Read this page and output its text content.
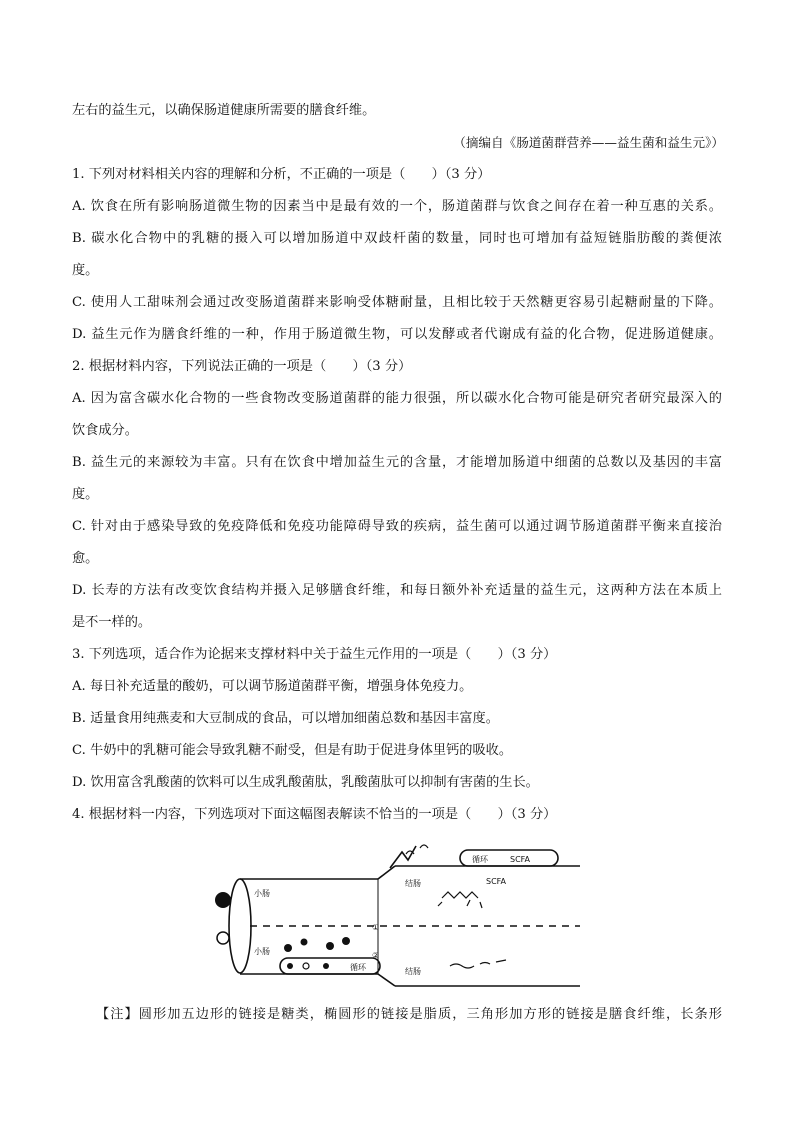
左右的益生元，以确保肠道健康所需要的膳食纤维。
（摘编自《肠道菌群营养——益生菌和益生元》）
1. 下列对材料相关内容的理解和分析，不正确的一项是（　　）（3 分）
A. 饮食在所有影响肠道微生物的因素当中是最有效的一个，肠道菌群与饮食之间存在着一种互惠的关系。
B. 碳水化合物中的乳糖的摄入可以增加肠道中双歧杆菌的数量，同时也可增加有益短链脂肪酸的粪便浓
度。
C. 使用人工甜味剂会通过改变肠道菌群来影响受体糖耐量，且相比较于天然糖更容易引起糖耐量的下降。
D. 益生元作为膳食纤维的一种，作用于肠道微生物，可以发酵或者代谢成有益的化合物，促进肠道健康。
2. 根据材料内容，下列说法正确的一项是（　　）（3 分）
A. 因为富含碳水化合物的一些食物改变肠道菌群的能力很强，所以碳水化合物可能是研究者研究最深入的
饮食成分。
B. 益生元的来源较为丰富。只有在饮食中增加益生元的含量，才能增加肠道中细菌的总数以及基因的丰富
度。
C. 针对由于感染导致的免疫降低和免疫功能障碍导致的疾病，益生菌可以通过调节肠道菌群平衡来直接治
愈。
D. 长寿的方法有改变饮食结构并摄入足够膳食纤维，和每日额外补充适量的益生元，这两种方法在本质上
是不一样的。
3. 下列选项，适合作为论据来支撑材料中关于益生元作用的一项是（　　）（3 分）
A. 每日补充适量的酸奶，可以调节肠道菌群平衡，增强身体免疫力。
B. 适量食用纯燕麦和大豆制成的食品，可以增加细菌总数和基因丰富度。
C. 牛奶中的乳糖可能会导致乳糖不耐受，但是有助于促进身体里钙的吸收。
D. 饮用富含乳酸菌的饮料可以生成乳酸菌肽，乳酸菌肽可以抑制有害菌的生长。
4. 根据材料一内容，下列选项对下面这幅图表解读不恰当的一项是（　　）（3 分）
小肠
小肠
结肠
结肠
循环
循环
SCFA
SCFA
①
②
【注】圆形加五边形的链接是糖类，椭圆形的链接是脂质，三角形加方形的链接是膳食纤维，长条形
